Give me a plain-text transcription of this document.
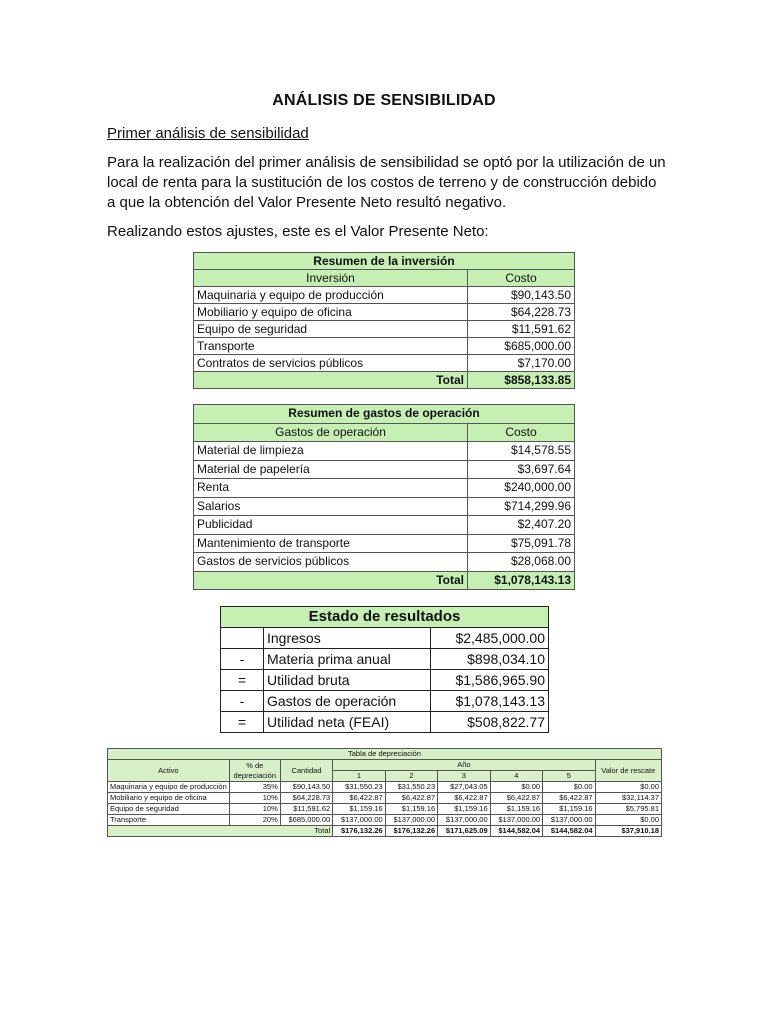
ANÁLISIS DE SENSIBILIDAD
Primer análisis de sensibilidad
Para la realización del primer análisis de sensibilidad se optó por la utilización de un local de renta para la sustitución de los costos de terreno y de construcción debido a que la obtención del Valor Presente Neto resultó negativo.
Realizando estos ajustes, este es el Valor Presente Neto:
Resumen de la inversión	
Inversión	Costo
Maquinaria y equipo de producción	$90,143.50
Mobiliario y equipo de oficina	$64,228.73
Equipo de seguridad	$11,591.62
Transporte	$685,000.00
Contratos de servicios públicos	$7,170.00
Total	$858,133.85
Resumen de gastos de operación	
Gastos de operación	Costo
Material de limpieza	$14,578.55
Material de papelería	$3,697.64
Renta	$240,000.00
Salarios	$714,299.96
Publicidad	$2,407.20
Mantenimiento de transporte	$75,091.78
Gastos de servicios públicos	$28,068.00
Total	$1,078,143.13
Estado de resultados		
	Ingresos	$2,485,000.00
-	Materia prima anual	$898,034.10
=	Utilidad bruta	$1,586,965.90
-	Gastos de operación	$1,078,143.13
=	Utilidad neta (FEAI)	$508,822.77
Tabla de depreciación								
Activo	% de depreciación	Cantidad	Año					Valor de rescate
			1	2	3	4	5	
Maquinaria y equipo de producción	35%	$90,143.50	$31,550.23	$31,550.23	$27,043.05	$0.00	$0.00	$0.00
Mobiliario y equipo de oficina	10%	$64,228.73	$6,422.87	$6,422.87	$6,422.87	$6,422.87	$6,422.87	$32,114.37
Equipo de seguridad	10%	$11,591.62	$1,159.16	$1,159.16	$1,159.16	$1,159.16	$1,159.16	$5,795.81
Transporte	20%	$685,000.00	$137,000.00	$137,000.00	$137,000.00	$137,000.00	$137,000.00	$0.00
Total			$176,132.26	$176,132.26	$171,625.09	$144,582.04	$144,582.04	$37,910.18
